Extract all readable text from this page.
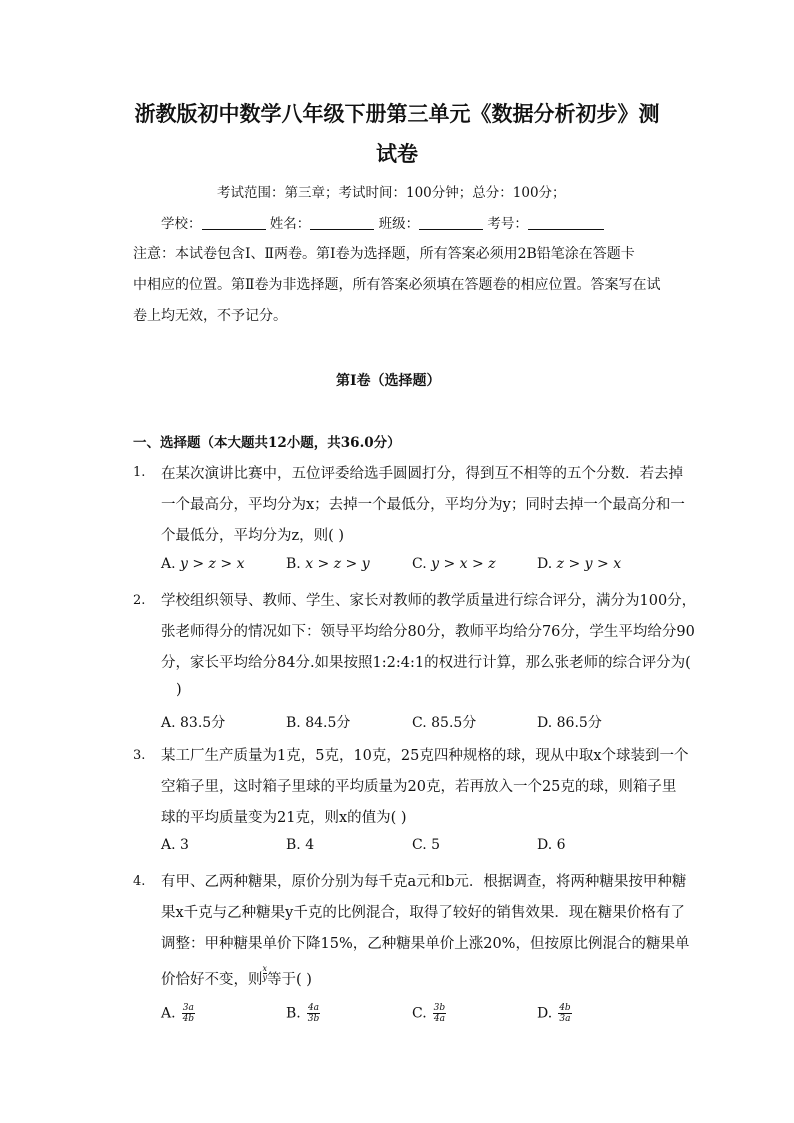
浙教版初中数学八年级下册第三单元《数据分析初步》测
试卷
考试范围：第三章；考试时间：100分钟；总分：100分；
学校：	姓名：	班级：	考号：
注意：本试卷包含Ⅰ、Ⅱ两卷。第Ⅰ卷为选择题，所有答案必须用2B铅笔涂在答题卡
中相应的位置。第Ⅱ卷为非选择题，所有答案必须填在答题卷的相应位置。答案写在试
卷上均无效，不予记分。
第Ⅰ卷（选择题）
一、选择题（本大题共12小题，共36.0分）
1. 在某次演讲比赛中，五位评委给选手圆圆打分，得到互不相等的五个分数．若去掉
一个最高分，平均分为x；去掉一个最低分，平均分为y；同时去掉一个最高分和一
个最低分，平均分为z，则( )
A. y > z > x	B. x > z > y	C. y > x > z	D. z > y > x
2. 学校组织领导、教师、学生、家长对教师的教学质量进行综合评分，满分为100分，
张老师得分的情况如下：领导平均给分80分，教师平均给分76分，学生平均给分90
分，家长平均给分84分.如果按照1:2:4:1的权进行计算，那么张老师的综合评分为(
)
A. 83.5分	B. 84.5分	C. 85.5分	D. 86.5分
3. 某工厂生产质量为1克，5克，10克，25克四种规格的球，现从中取x个球装到一个
空箱子里，这时箱子里球的平均质量为20克，若再放入一个25克的球，则箱子里
球的平均质量变为21克，则x的值为( )
A. 3	B. 4	C. 5	D. 6
4. 有甲、乙两种糖果，原价分别为每千克a元和b元．根据调查，将两种糖果按甲种糖
果x千克与乙种糖果y千克的比例混合，取得了较好的销售效果．现在糖果价格有了
调整：甲种糖果单价下降15%，乙种糖果单价上涨20%，但按原比例混合的糖果单
价恰好不变，则 $\frac{x}{y}$ 等于( )
A. $\frac{3a}{4b}$	B. $\frac{4a}{3b}$	C. $\frac{3b}{4a}$	D. $\frac{4b}{3a}$
